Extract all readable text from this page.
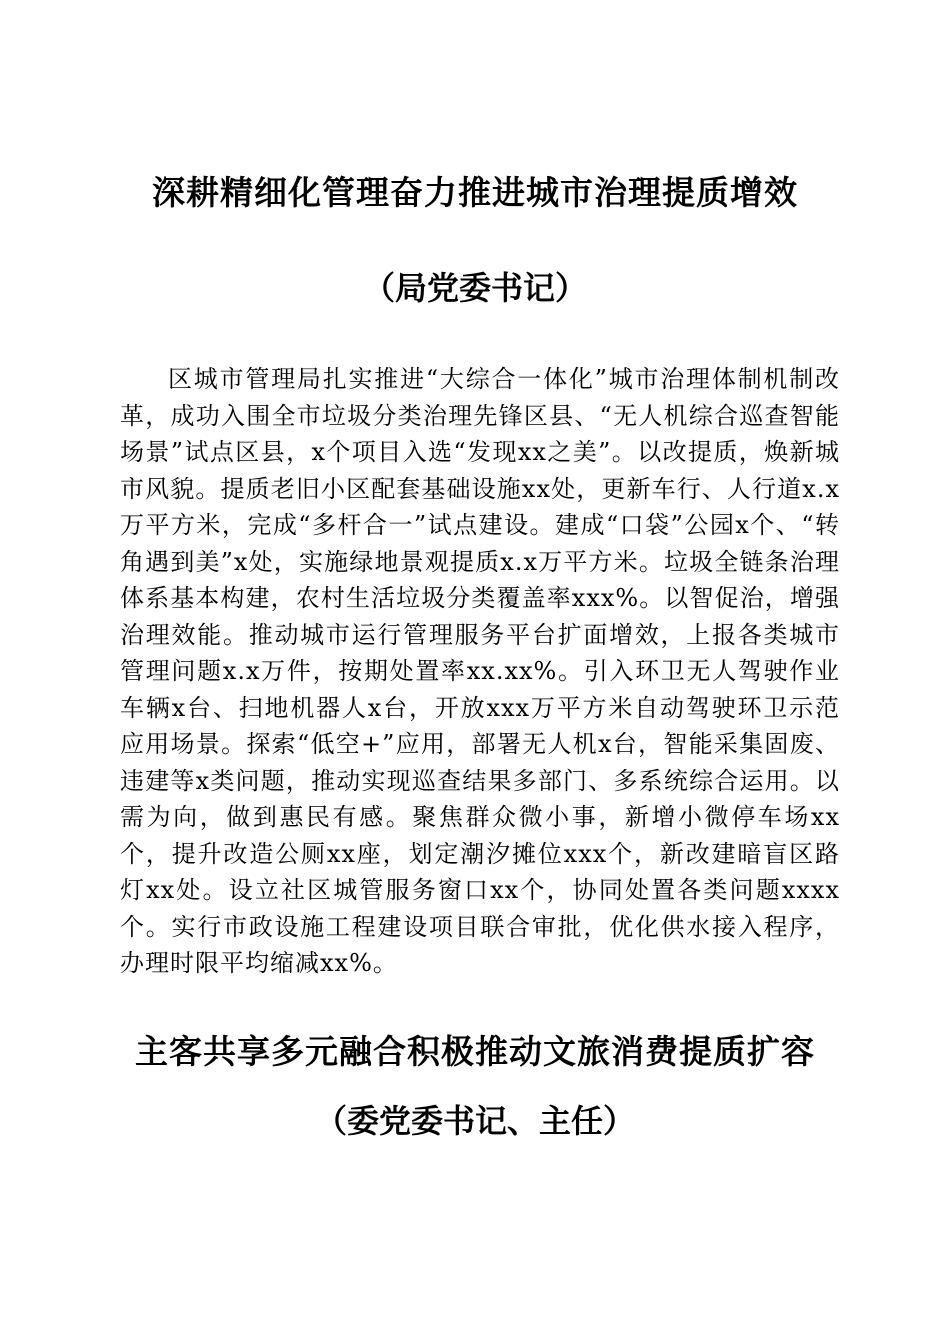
深耕精细化管理奋力推进城市治理提质增效
（局党委书记）

区城市管理局扎实推进“大综合一体化”城市治理体制机制改革，成功入围全市垃圾分类治理先锋区县、“无人机综合巡查智能场景”试点区县，x个项目入选“发现xx之美”。以改提质，焕新城市风貌。提质老旧小区配套基础设施xx处，更新车行、人行道x.x万平方米，完成“多杆合一”试点建设。建成“口袋”公园x个、“转角遇到美”x处，实施绿地景观提质x.x万平方米。垃圾全链条治理体系基本构建，农村生活垃圾分类覆盖率xxx%。以智促治，增强治理效能。推动城市运行管理服务平台扩面增效，上报各类城市管理问题x.x万件，按期处置率xx.xx%。引入环卫无人驾驶作业车辆x台、扫地机器人x台，开放xxx万平方米自动驾驶环卫示范应用场景。探索“低空+”应用，部署无人机x台，智能采集固废、违建等x类问题，推动实现巡查结果多部门、多系统综合运用。以需为向，做到惠民有感。聚焦群众微小事，新增小微停车场xx个，提升改造公厕xx座，划定潮汐摊位xxx个，新改建暗盲区路灯xx处。设立社区城管服务窗口xx个，协同处置各类问题xxxx个。实行市政设施工程建设项目联合审批，优化供水接入程序，办理时限平均缩减xx%。

主客共享多元融合积极推动文旅消费提质扩容
（委党委书记、主任）
